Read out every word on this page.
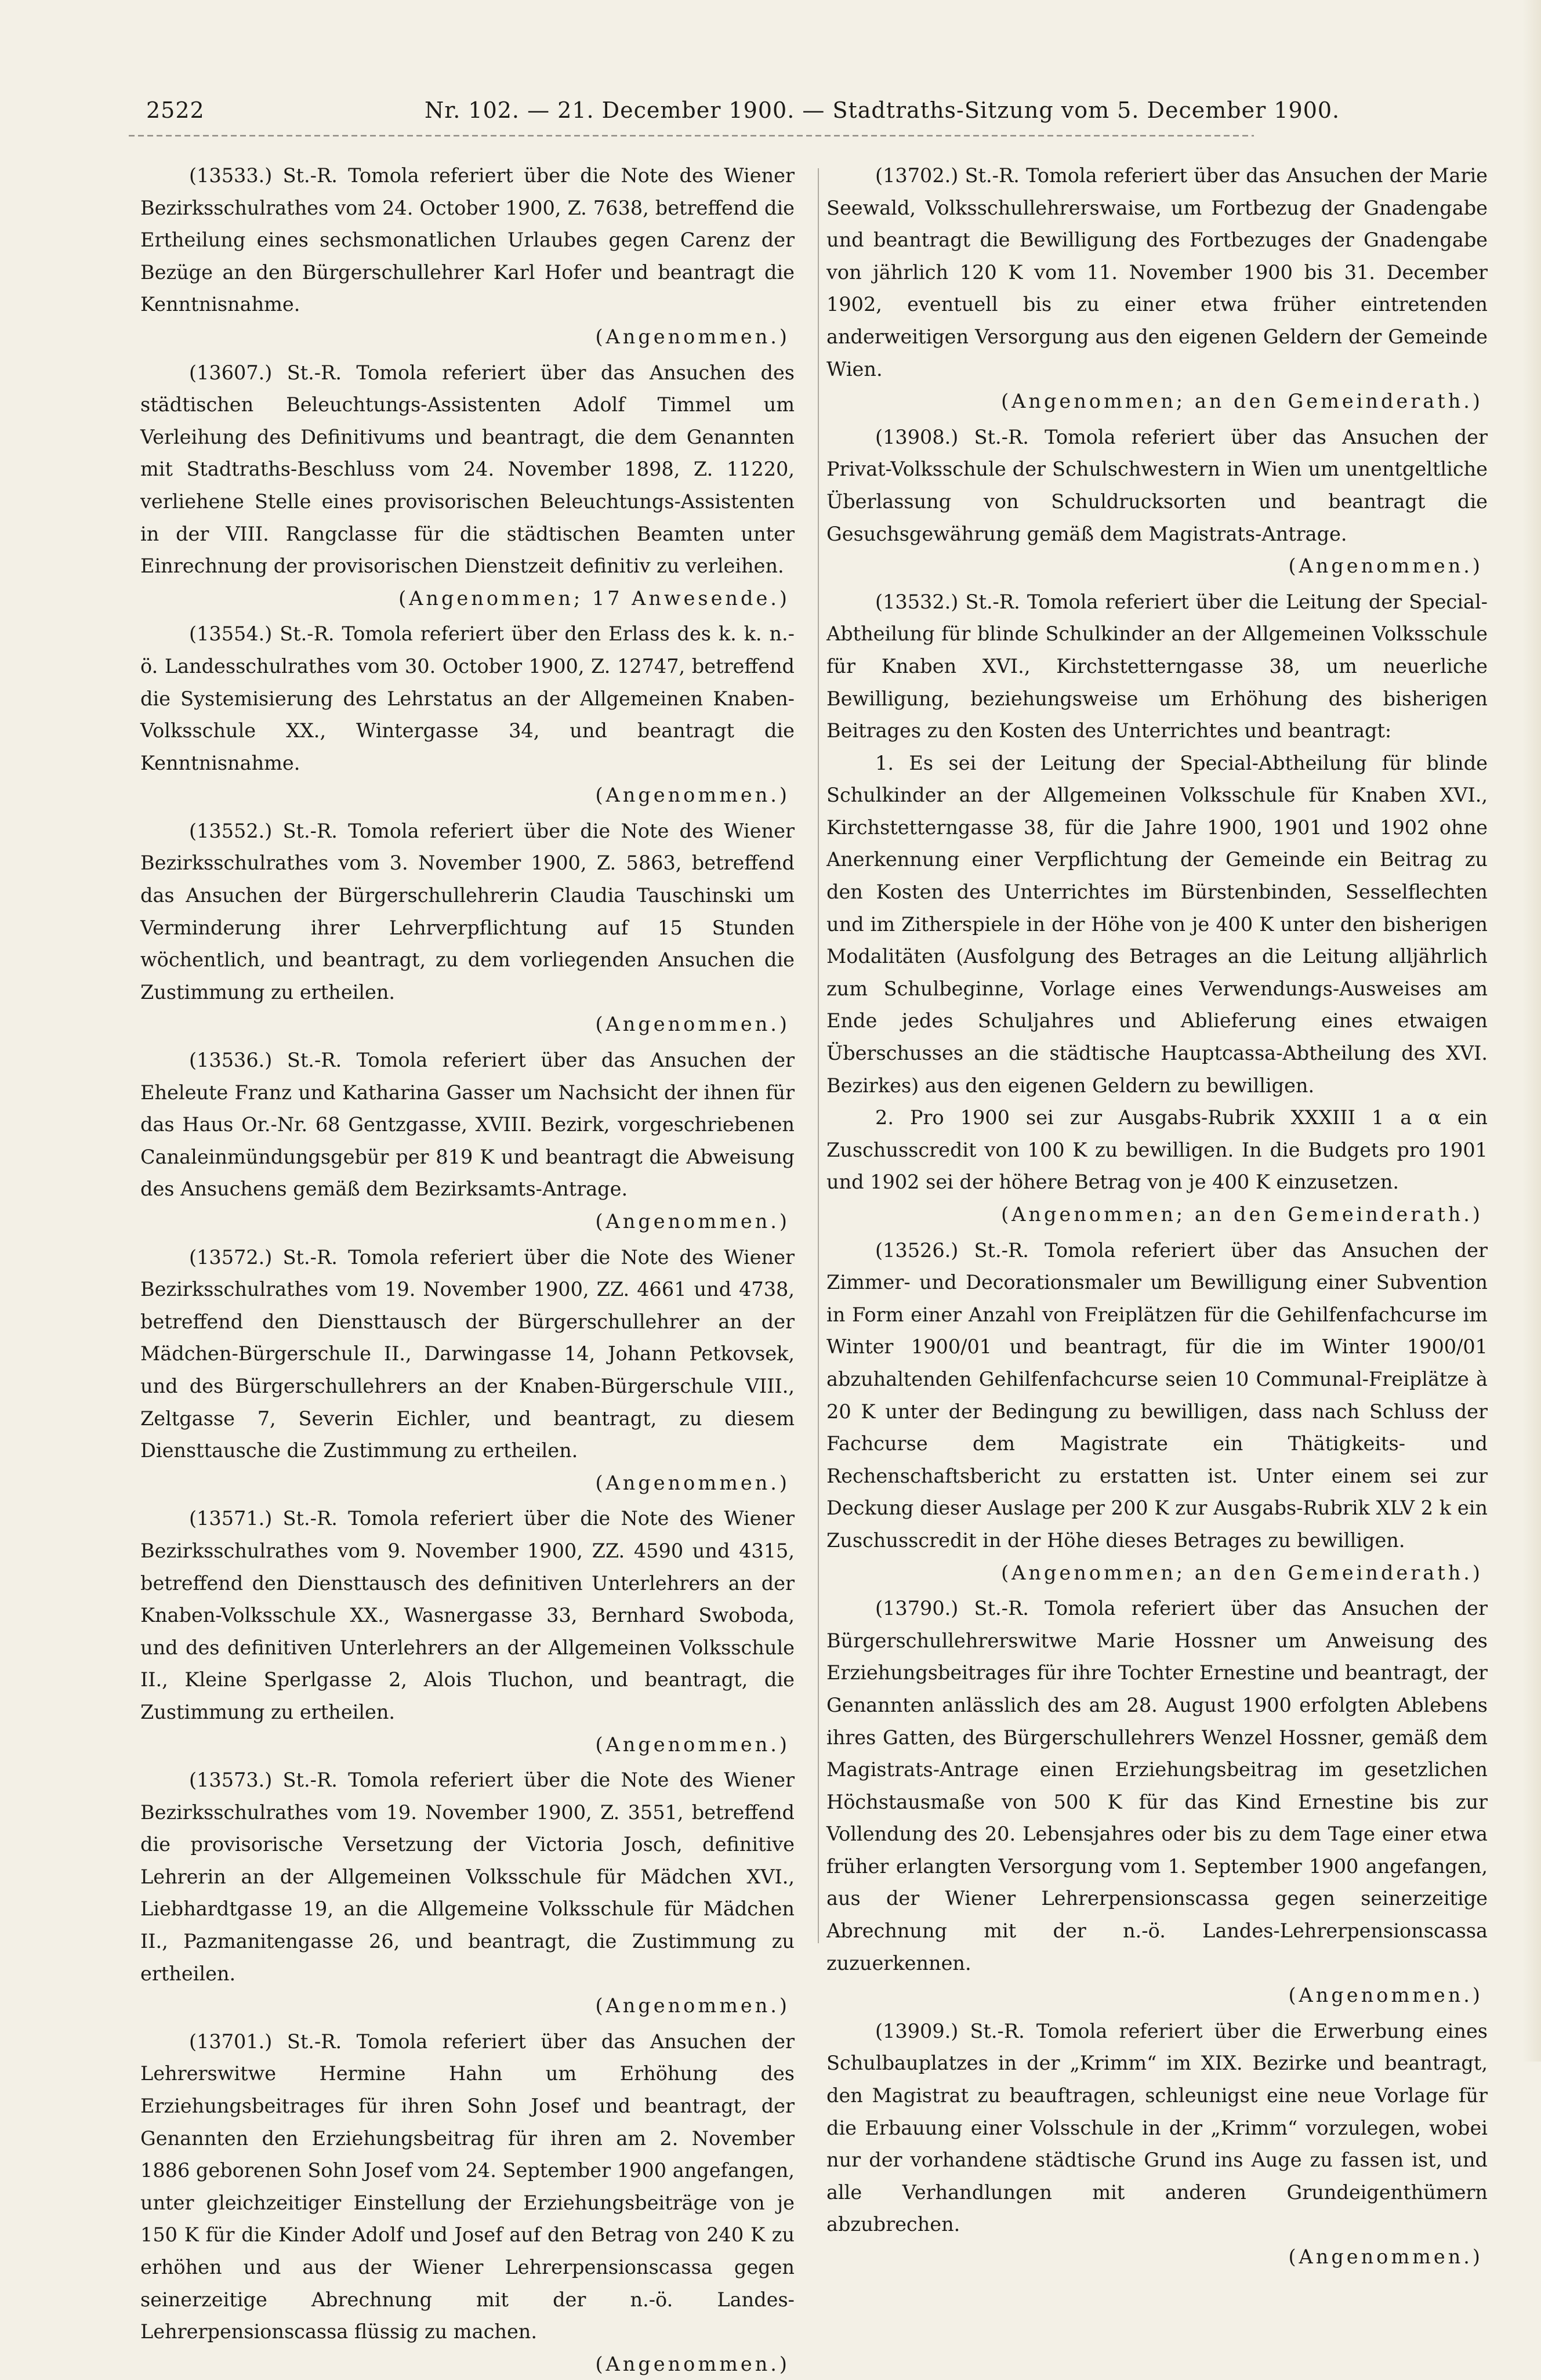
2522	Nr. 102. — 21. December 1900. — Stadtraths-Sitzung vom 5. December 1900.

(13533.) St.-R. Tomola referiert über die Note des Wiener Bezirksschulrathes vom 24. October 1900, Z. 7638, betreffend die Ertheilung eines sechsmonatlichen Urlaubes gegen Carenz der Bezüge an den Bürgerschullehrer Karl Hofer und beantragt die Kenntnisnahme.

(Angenommen.)

(13607.) St.-R. Tomola referiert über das Ansuchen des städtischen Beleuchtungs-Assistenten Adolf Timmel um Verleihung des Definitivums und beantragt, die dem Genannten mit Stadtraths-Beschluss vom 24. November 1898, Z. 11220, verliehene Stelle eines provisorischen Beleuchtungs-Assistenten in der VIII. Rangclasse für die städtischen Beamten unter Einrechnung der provisorischen Dienstzeit definitiv zu verleihen.

(Angenommen; 17 Anwesende.)

(13554.) St.-R. Tomola referiert über den Erlass des k. k. n.-ö. Landesschulrathes vom 30. October 1900, Z. 12747, betreffend die Systemisierung des Lehrstatus an der Allgemeinen Knaben-Volksschule XX., Wintergasse 34, und beantragt die Kenntnisnahme.

(Angenommen.)

(13552.) St.-R. Tomola referiert über die Note des Wiener Bezirksschulrathes vom 3. November 1900, Z. 5863, betreffend das Ansuchen der Bürgerschullehrerin Claudia Tauschinski um Verminderung ihrer Lehrverpflichtung auf 15 Stunden wöchentlich, und beantragt, zu dem vorliegenden Ansuchen die Zustimmung zu ertheilen.

(Angenommen.)

(13536.) St.-R. Tomola referiert über das Ansuchen der Eheleute Franz und Katharina Gasser um Nachsicht der ihnen für das Haus Or.-Nr. 68 Gentzgasse, XVIII. Bezirk, vorgeschriebenen Canaleinmündungsgebür per 819 K und beantragt die Abweisung des Ansuchens gemäß dem Bezirksamts-Antrage.

(Angenommen.)

(13572.) St.-R. Tomola referiert über die Note des Wiener Bezirksschulrathes vom 19. November 1900, ZZ. 4661 und 4738, betreffend den Diensttausch der Bürgerschullehrer an der Mädchen-Bürgerschule II., Darwingasse 14, Johann Petkovsek, und des Bürgerschullehrers an der Knaben-Bürgerschule VIII., Zeltgasse 7, Severin Eichler, und beantragt, zu diesem Diensttausche die Zustimmung zu ertheilen.

(Angenommen.)

(13571.) St.-R. Tomola referiert über die Note des Wiener Bezirksschulrathes vom 9. November 1900, ZZ. 4590 und 4315, betreffend den Diensttausch des definitiven Unterlehrers an der Knaben-Volksschule XX., Wasnergasse 33, Bernhard Swoboda, und des definitiven Unterlehrers an der Allgemeinen Volksschule II., Kleine Sperlgasse 2, Alois Tluchon, und beantragt, die Zustimmung zu ertheilen.

(Angenommen.)

(13573.) St.-R. Tomola referiert über die Note des Wiener Bezirksschulrathes vom 19. November 1900, Z. 3551, betreffend die provisorische Versetzung der Victoria Josch, definitive Lehrerin an der Allgemeinen Volksschule für Mädchen XVI., Liebhardtgasse 19, an die Allgemeine Volksschule für Mädchen II., Pazmanitengasse 26, und beantragt, die Zustimmung zu ertheilen.

(Angenommen.)

(13701.) St.-R. Tomola referiert über das Ansuchen der Lehrerswitwe Hermine Hahn um Erhöhung des Erziehungsbeitrages für ihren Sohn Josef und beantragt, der Genannten den Erziehungsbeitrag für ihren am 2. November 1886 geborenen Sohn Josef vom 24. September 1900 angefangen, unter gleichzeitiger Einstellung der Erziehungsbeiträge von je 150 K für die Kinder Adolf und Josef auf den Betrag von 240 K zu erhöhen und aus der Wiener Lehrerpensionscassa gegen seinerzeitige Abrechnung mit der n.-ö. Landes-Lehrerpensionscassa flüssig zu machen.

(Angenommen.)

(13702.) St.-R. Tomola referiert über das Ansuchen der Marie Seewald, Volksschullehrerswaise, um Fortbezug der Gnadengabe und beantragt die Bewilligung des Fortbezuges der Gnadengabe von jährlich 120 K vom 11. November 1900 bis 31. December 1902, eventuell bis zu einer etwa früher eintretenden anderweitigen Versorgung aus den eigenen Geldern der Gemeinde Wien.

(Angenommen; an den Gemeinderath.)

(13908.) St.-R. Tomola referiert über das Ansuchen der Privat-Volksschule der Schulschwestern in Wien um unentgeltliche Überlassung von Schuldrucksorten und beantragt die Gesuchsgewährung gemäß dem Magistrats-Antrage.

(Angenommen.)

(13532.) St.-R. Tomola referiert über die Leitung der Special-Abtheilung für blinde Schulkinder an der Allgemeinen Volksschule für Knaben XVI., Kirchstetterngasse 38, um neuerliche Bewilligung, beziehungsweise um Erhöhung des bisherigen Beitrages zu den Kosten des Unterrichtes und beantragt:

1. Es sei der Leitung der Special-Abtheilung für blinde Schulkinder an der Allgemeinen Volksschule für Knaben XVI., Kirchstetterngasse 38, für die Jahre 1900, 1901 und 1902 ohne Anerkennung einer Verpflichtung der Gemeinde ein Beitrag zu den Kosten des Unterrichtes im Bürstenbinden, Sesselflechten und im Zitherspiele in der Höhe von je 400 K unter den bisherigen Modalitäten (Ausfolgung des Betrages an die Leitung alljährlich zum Schulbeginne, Vorlage eines Verwendungs-Ausweises am Ende jedes Schuljahres und Ablieferung eines etwaigen Überschusses an die städtische Hauptcassa-Abtheilung des XVI. Bezirkes) aus den eigenen Geldern zu bewilligen.

2. Pro 1900 sei zur Ausgabs-Rubrik XXXIII 1 a α ein Zuschusscredit von 100 K zu bewilligen. In die Budgets pro 1901 und 1902 sei der höhere Betrag von je 400 K einzusetzen.

(Angenommen; an den Gemeinderath.)

(13526.) St.-R. Tomola referiert über das Ansuchen der Zimmer- und Decorationsmaler um Bewilligung einer Subvention in Form einer Anzahl von Freiplätzen für die Gehilfenfachcurse im Winter 1900/01 und beantragt, für die im Winter 1900/01 abzuhaltenden Gehilfenfachcurse seien 10 Communal-Freiplätze à 20 K unter der Bedingung zu bewilligen, dass nach Schluss der Fachcurse dem Magistrate ein Thätigkeits- und Rechenschaftsbericht zu erstatten ist. Unter einem sei zur Deckung dieser Auslage per 200 K zur Ausgabs-Rubrik XLV 2 k ein Zuschusscredit in der Höhe dieses Betrages zu bewilligen.

(Angenommen; an den Gemeinderath.)

(13790.) St.-R. Tomola referiert über das Ansuchen der Bürgerschullehrerswitwe Marie Hossner um Anweisung des Erziehungsbeitrages für ihre Tochter Ernestine und beantragt, der Genannten anlässlich des am 28. August 1900 erfolgten Ablebens ihres Gatten, des Bürgerschullehrers Wenzel Hossner, gemäß dem Magistrats-Antrage einen Erziehungsbeitrag im gesetzlichen Höchstausmaße von 500 K für das Kind Ernestine bis zur Vollendung des 20. Lebensjahres oder bis zu dem Tage einer etwa früher erlangten Versorgung vom 1. September 1900 angefangen, aus der Wiener Lehrerpensionscassa gegen seinerzeitige Abrechnung mit der n.-ö. Landes-Lehrerpensionscassa zuzuerkennen.

(Angenommen.)

(13909.) St.-R. Tomola referiert über die Erwerbung eines Schulbauplatzes in der „Krimm“ im XIX. Bezirke und beantragt, den Magistrat zu beauftragen, schleunigst eine neue Vorlage für die Erbauung einer Volsschule in der „Krimm“ vorzulegen, wobei nur der vorhandene städtische Grund ins Auge zu fassen ist, und alle Verhandlungen mit anderen Grundeigenthümern abzubrechen.

(Angenommen.)
